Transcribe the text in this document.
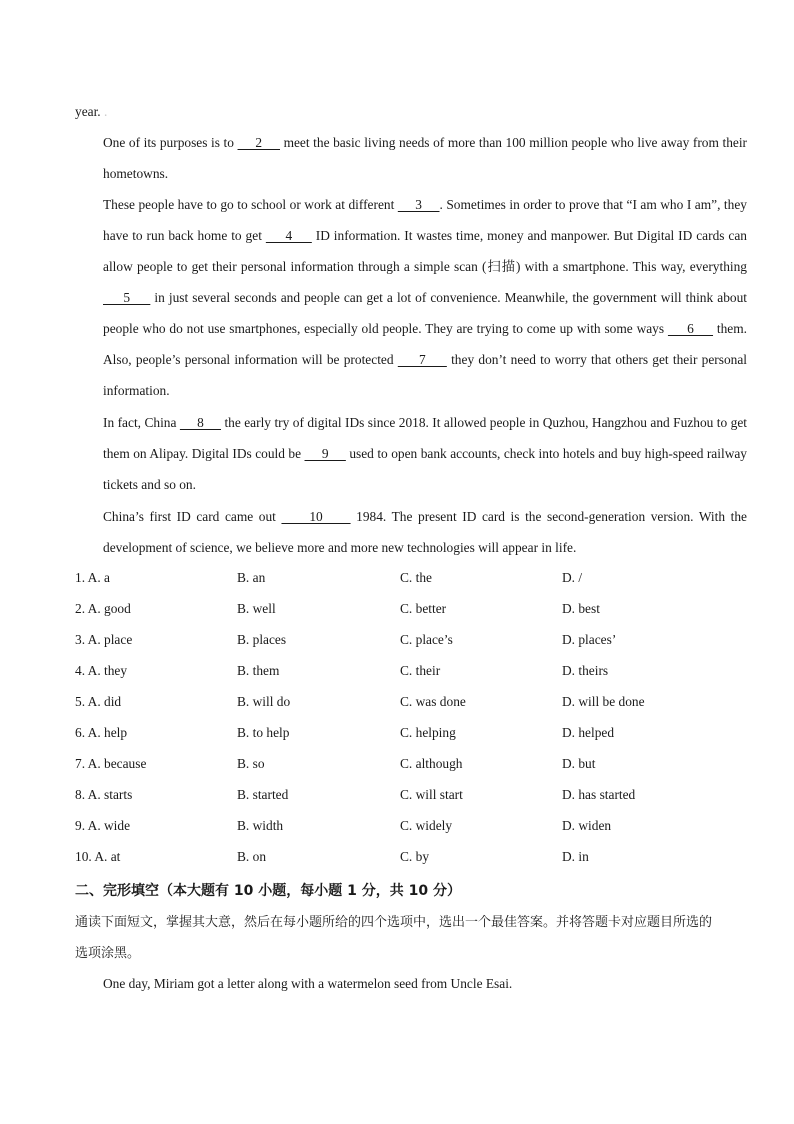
year. .

One of its purposes is to      2      meet the basic living needs of more than 100 million people who live away from their hometowns.

These people have to go to school or work at different      3     . Sometimes in order to prove that “I am who I am”, they have to run back home to get      4      ID information. It wastes time, money and manpower. But Digital ID cards can allow people to get their personal information through a simple scan (扫描) with a smartphone. This way, everything      5      in just several seconds and people can get a lot of convenience. Meanwhile, the government will think about people who do not use smartphones, especially old people. They are trying to come up with some ways      6      them. Also, people’s personal information will be protected      7      they don’t need to worry that others get their personal information.

In fact, China      8      the early try of digital IDs since 2018. It allowed people in Quzhou, Hangzhou and Fuzhou to get them on Alipay. Digital IDs could be      9      used to open bank accounts, check into hotels and buy high-speed railway tickets and so on.

China’s first ID card came out      10      1984. The present ID card is the second-generation version. With the development of science, we believe more and more new technologies will appear in life.

1. A. a	B. an	C. the	D. /
2. A. good	B. well	C. better	D. best
3. A. place	B. places	C. place’s	D. places’
4. A. they	B. them	C. their	D. theirs
5. A. did	B. will do	C. was done	D. will be done
6. A. help	B. to help	C. helping	D. helped
7. A. because	B. so	C. although	D. but
8. A. starts	B. started	C. will start	D. has started
9. A. wide	B. width	C. widely	D. widen
10. A. at	B. on	C. by	D. in
二、完形填空（本大题有 10 小题，每小题 1 分，共 10 分）

通读下面短文，掌握其大意，然后在每小题所给的四个选项中，选出一个最佳答案。并将答题卡对应题目所选的选项涂黑。

One day, Miriam got a letter along with a watermelon seed from Uncle Esai.
